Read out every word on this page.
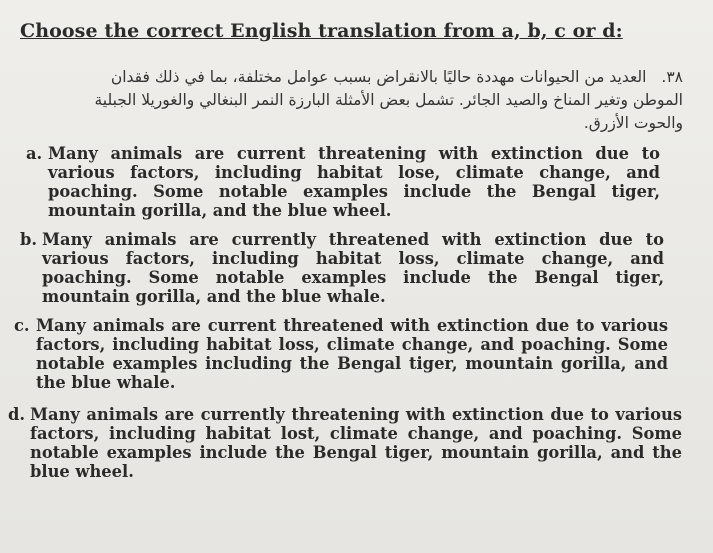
Choose the correct English translation from a, b, c or d:
٣٨. العديد من الحيوانات مهددة حاليًا بالانقراض بسبب عوامل مختلفة، بما في ذلك فقدان الموطن وتغير المناخ والصيد الجائر. تشمل بعض الأمثلة البارزة النمر البنغالي والغوريلا الجبلية والحوت الأزرق.
a. Many animals are current threatening with extinction due to various factors, including habitat lose, climate change, and poaching. Some notable examples include the Bengal tiger, mountain gorilla, and the blue wheel.
b. Many animals are currently threatened with extinction due to various factors, including habitat loss, climate change, and poaching. Some notable examples include the Bengal tiger, mountain gorilla, and the blue whale.
c. Many animals are current threatened with extinction due to various factors, including habitat loss, climate change, and poaching. Some notable examples including the Bengal tiger, mountain gorilla, and the blue whale.
d. Many animals are currently threatening with extinction due to various factors, including habitat lost, climate change, and poaching. Some notable examples include the Bengal tiger, mountain gorilla, and the blue wheel.
